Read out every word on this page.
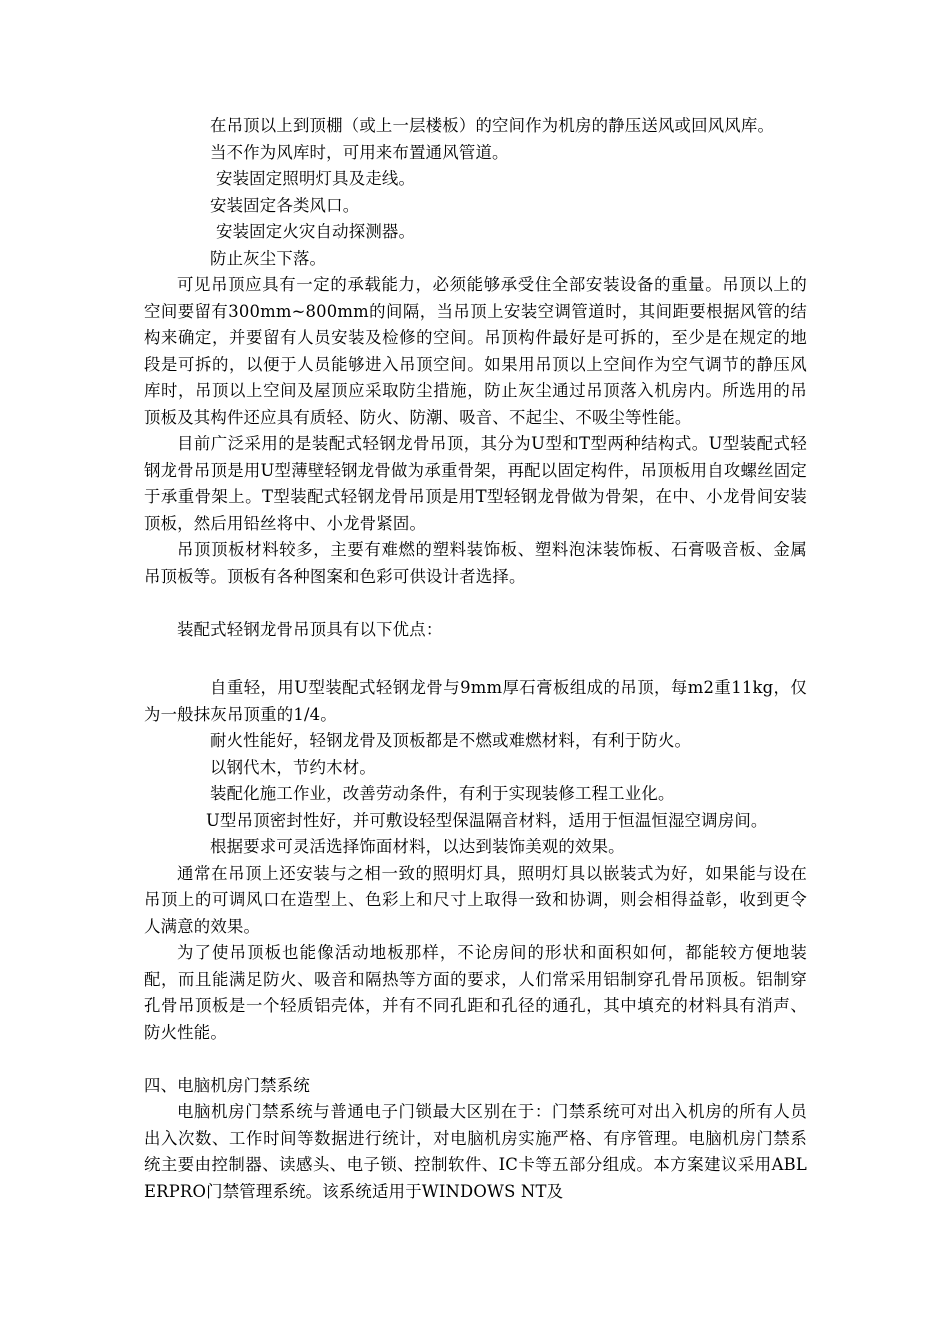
在吊顶以上到顶棚（或上一层楼板）的空间作为机房的静压送风或回风风库。

当不作为风库时，可用来布置通风管道。

安装固定照明灯具及走线。

安装固定各类风口。

安装固定火灾自动探测器。

防止灰尘下落。

可见吊顶应具有一定的承载能力，必须能够承受住全部安装设备的重量。吊顶以上的空间要留有300mm~800mm的间隔，当吊顶上安装空调管道时，其间距要根据风管的结构来确定，并要留有人员安装及检修的空间。吊顶构件最好是可拆的，至少是在规定的地段是可拆的，以便于人员能够进入吊顶空间。如果用吊顶以上空间作为空气调节的静压风库时，吊顶以上空间及屋顶应采取防尘措施，防止灰尘通过吊顶落入机房内。所选用的吊顶板及其构件还应具有质轻、防火、防潮、吸音、不起尘、不吸尘等性能。

目前广泛采用的是装配式轻钢龙骨吊顶，其分为U型和T型两种结构式。U型装配式轻钢龙骨吊顶是用U型薄壁轻钢龙骨做为承重骨架，再配以固定构件，吊顶板用自攻螺丝固定于承重骨架上。T型装配式轻钢龙骨吊顶是用T型轻钢龙骨做为骨架，在中、小龙骨间安装顶板，然后用铅丝将中、小龙骨紧固。

吊顶顶板材料较多，主要有难燃的塑料装饰板、塑料泡沫装饰板、石膏吸音板、金属吊顶板等。顶板有各种图案和色彩可供设计者选择。

装配式轻钢龙骨吊顶具有以下优点：

自重轻，用U型装配式轻钢龙骨与9mm厚石膏板组成的吊顶，每m2重11kg，仅为一般抹灰吊顶重的1/4。

耐火性能好，轻钢龙骨及顶板都是不燃或难燃材料，有利于防火。

以钢代木，节约木材。

装配化施工作业，改善劳动条件，有利于实现装修工程工业化。

U型吊顶密封性好，并可敷设轻型保温隔音材料，适用于恒温恒湿空调房间。

根据要求可灵活选择饰面材料，以达到装饰美观的效果。

通常在吊顶上还安装与之相一致的照明灯具，照明灯具以嵌装式为好，如果能与设在吊顶上的可调风口在造型上、色彩上和尺寸上取得一致和协调，则会相得益彰，收到更令人满意的效果。

为了使吊顶板也能像活动地板那样，不论房间的形状和面积如何，都能较方便地装配，而且能满足防火、吸音和隔热等方面的要求，人们常采用铝制穿孔骨吊顶板。铝制穿孔骨吊顶板是一个轻质铝壳体，并有不同孔距和孔径的通孔，其中填充的材料具有消声、防火性能。

四、电脑机房门禁系统

电脑机房门禁系统与普通电子门锁最大区别在于：门禁系统可对出入机房的所有人员出入次数、工作时间等数据进行统计，对电脑机房实施严格、有序管理。电脑机房门禁系统主要由控制器、读感头、电子锁、控制软件、IC卡等五部分组成。本方案建议采用ABLERPRO门禁管理系统。该系统适用于WINDOWS NT及
